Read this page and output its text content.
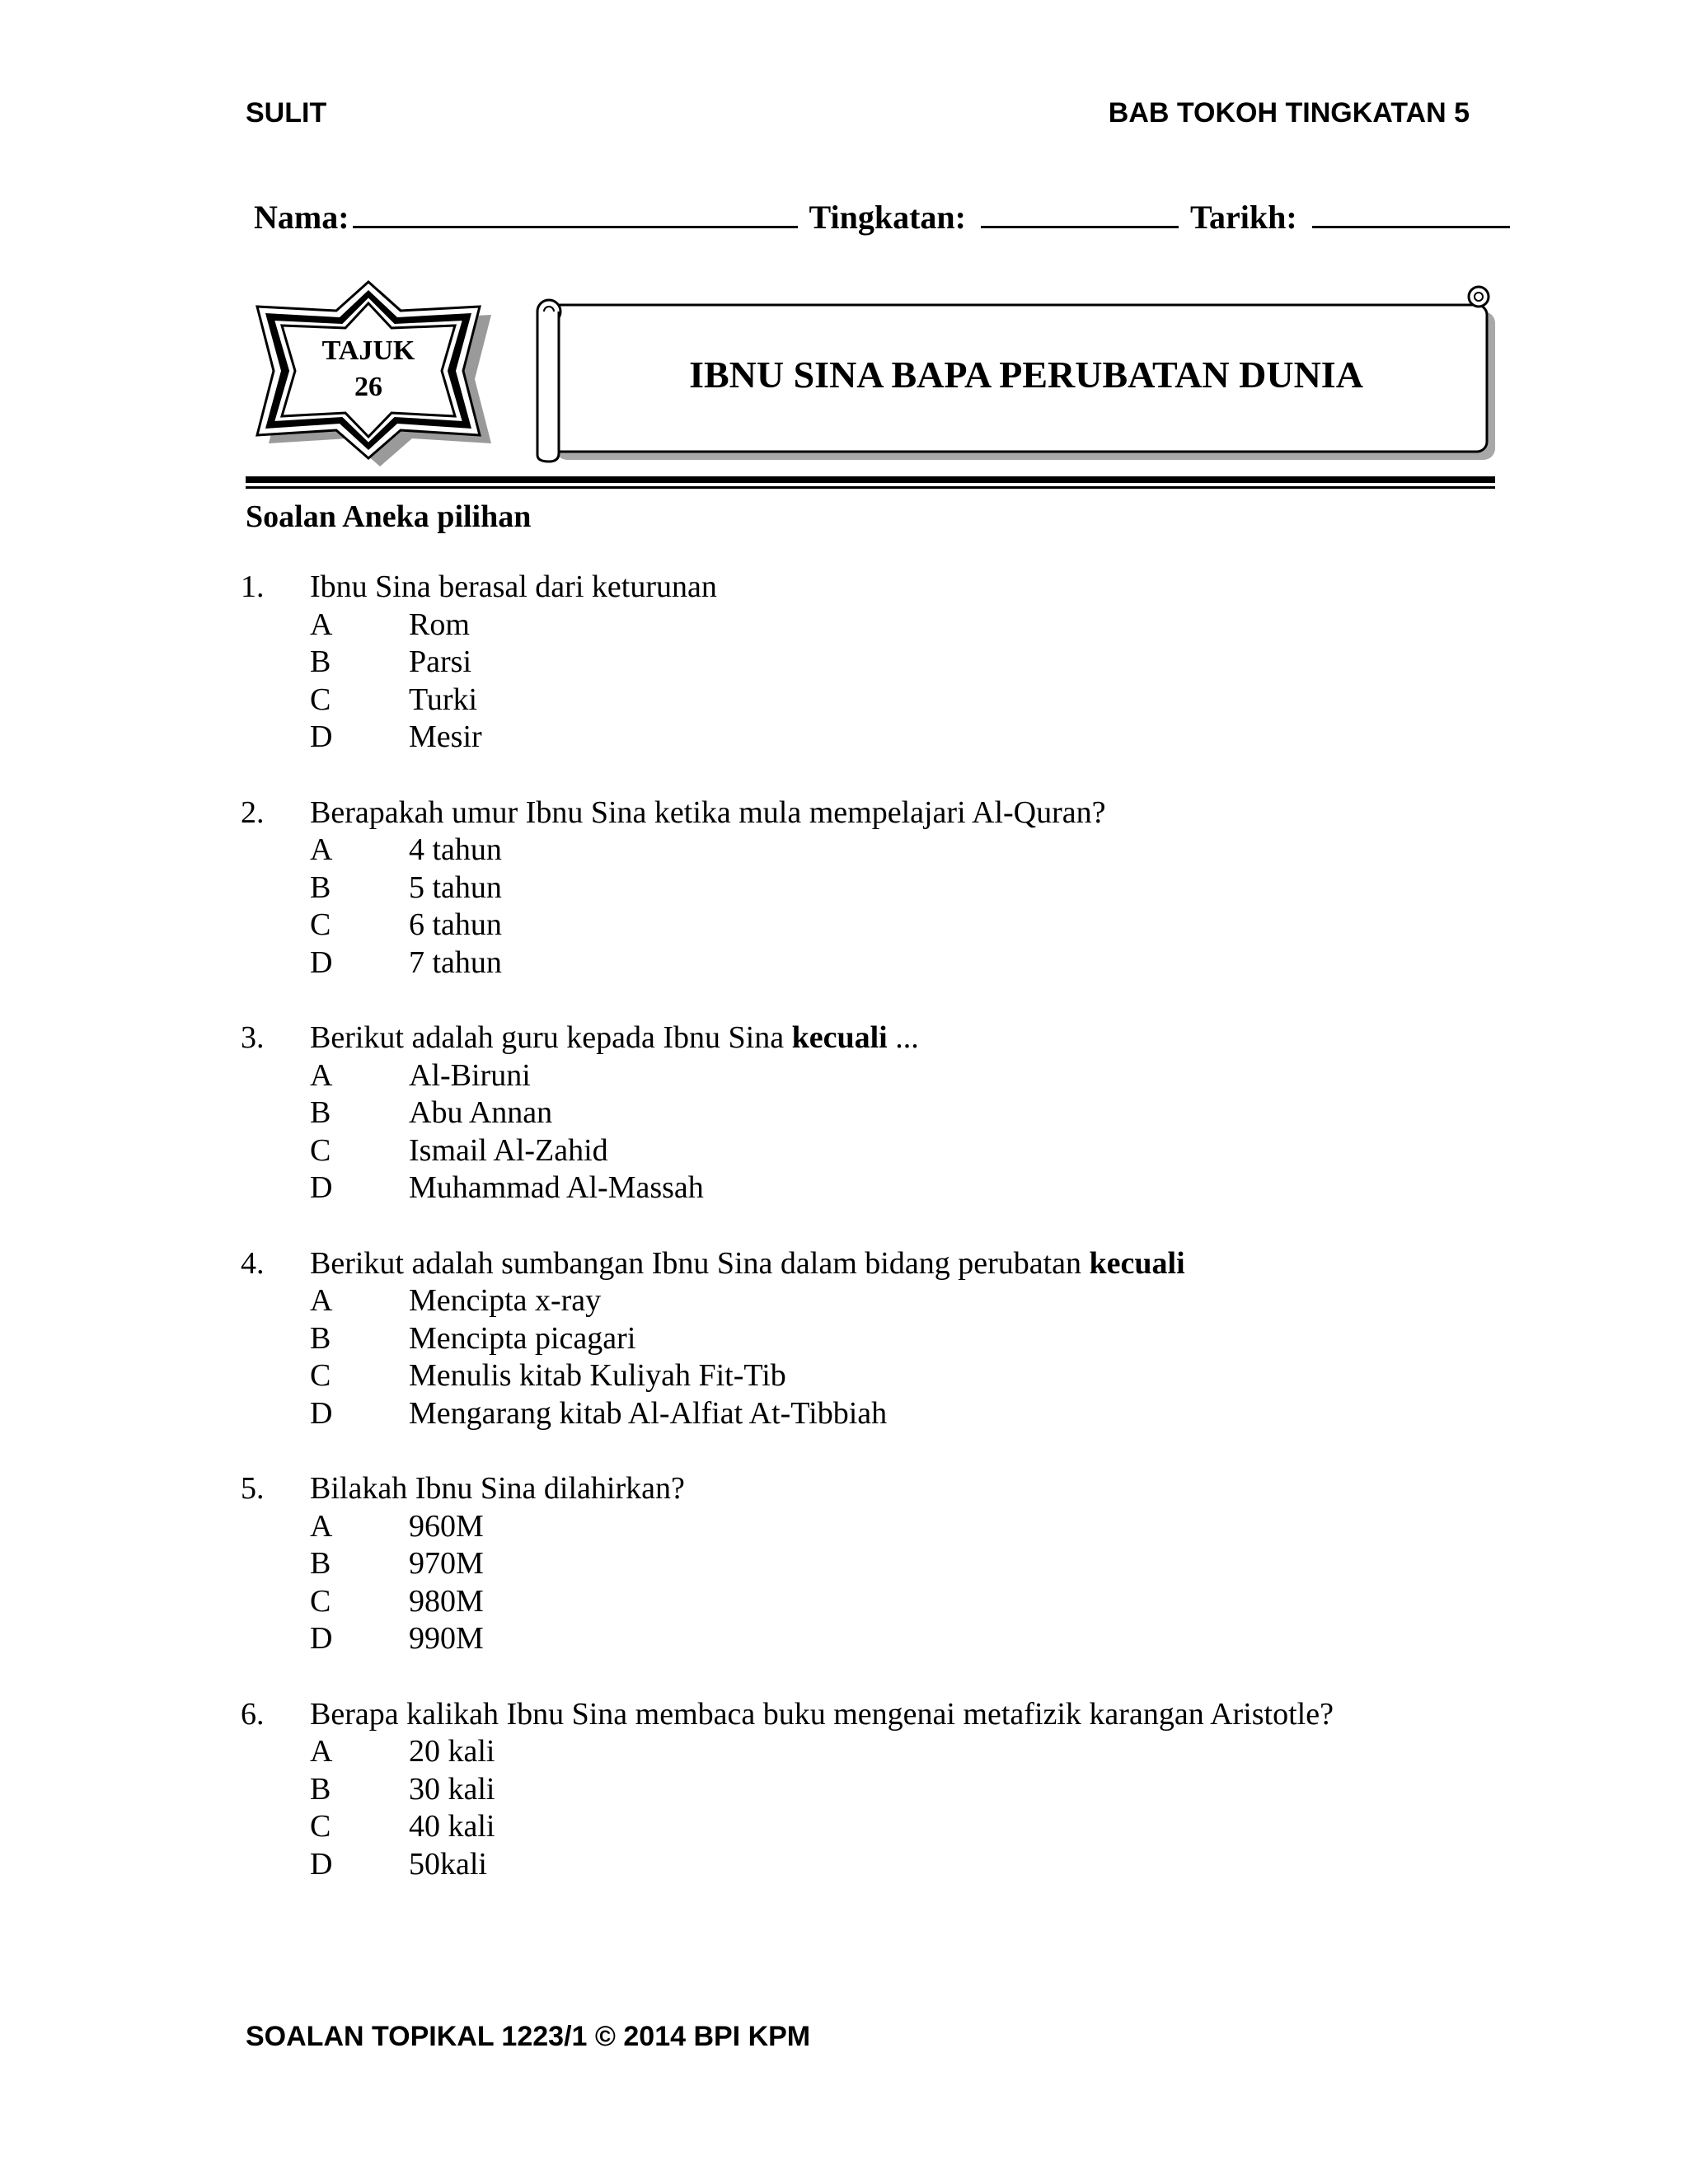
SULIT	BAB TOKOH TINGKATAN 5
Nama:	Tingkatan:	Tarikh:
TAJUK
26	IBNU SINA BAPA PERUBATAN DUNIA
Soalan Aneka pilihan
1.	Ibnu Sina berasal dari keturunan
A	Rom
B	Parsi
C	Turki
D	Mesir
2.	Berapakah umur Ibnu Sina ketika mula mempelajari Al-Quran?
A	4 tahun
B	5 tahun
C	6 tahun
D	7 tahun
3.	Berikut adalah guru kepada Ibnu Sina kecuali ...
A	Al-Biruni
B	Abu Annan
C	Ismail Al-Zahid
D	Muhammad Al-Massah
4.	Berikut adalah sumbangan Ibnu Sina dalam bidang perubatan kecuali
A	Mencipta x-ray
B	Mencipta picagari
C	Menulis kitab Kuliyah Fit-Tib
D	Mengarang kitab Al-Alfiat At-Tibbiah
5.	Bilakah Ibnu Sina dilahirkan?
A	960M
B	970M
C	980M
D	990M
6.	Berapa kalikah Ibnu Sina membaca buku mengenai metafizik karangan Aristotle?
A	20 kali
B	30 kali
C	40 kali
D	50kali
SOALAN TOPIKAL 1223/1 © 2014 BPI KPM
